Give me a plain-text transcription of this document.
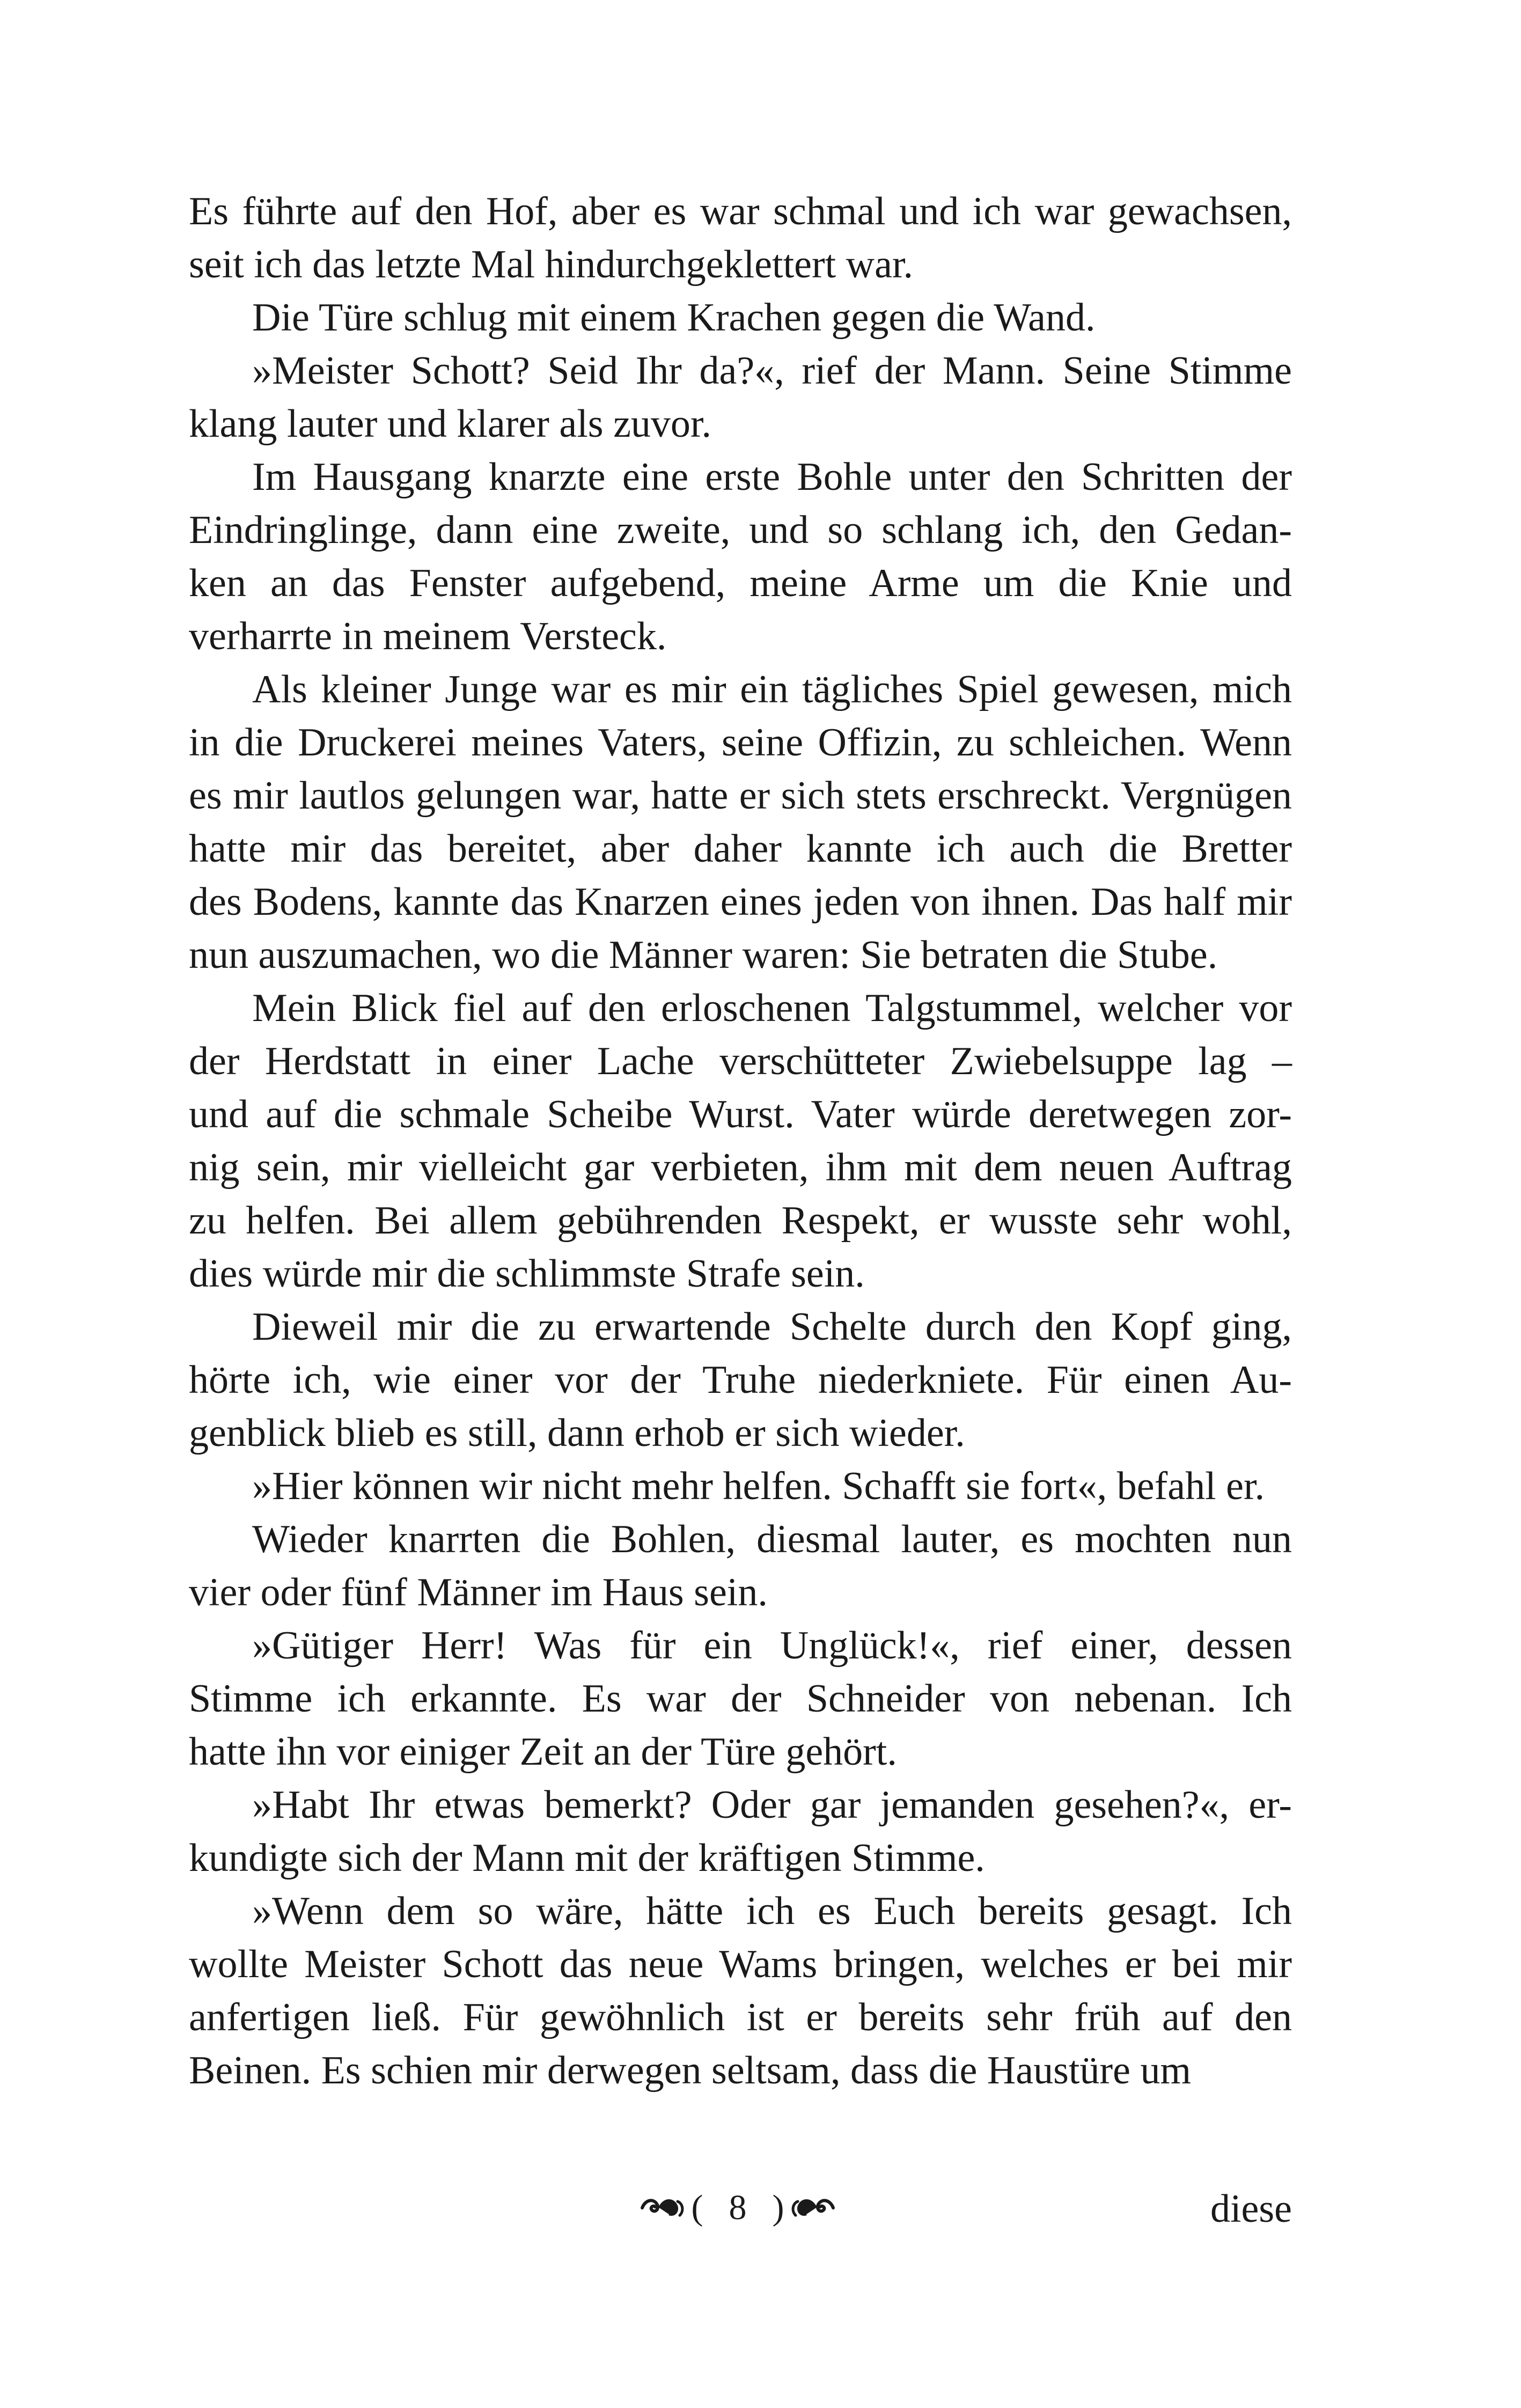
Es führte auf den Hof, aber es war schmal und ich war gewachsen,
seit ich das letzte Mal hindurchgeklettert war.

Die Türe schlug mit einem Krachen gegen die Wand.

»Meister Schott? Seid Ihr da?«, rief der Mann. Seine Stimme
klang lauter und klarer als zuvor.

Im Hausgang knarzte eine erste Bohle unter den Schritten der
Eindringlinge, dann eine zweite, und so schlang ich, den Gedan-
ken an das Fenster aufgebend, meine Arme um die Knie und
verharrte in meinem Versteck.

Als kleiner Junge war es mir ein tägliches Spiel gewesen, mich
in die Druckerei meines Vaters, seine Offizin, zu schleichen. Wenn
es mir lautlos gelungen war, hatte er sich stets erschreckt. Vergnügen
hatte mir das bereitet, aber daher kannte ich auch die Bretter
des Bodens, kannte das Knarzen eines jeden von ihnen. Das half mir
nun auszumachen, wo die Männer waren: Sie betraten die Stube.

Mein Blick fiel auf den erloschenen Talgstummel, welcher vor
der Herdstatt in einer Lache verschütteter Zwiebelsuppe lag –
und auf die schmale Scheibe Wurst. Vater würde deretwegen zor-
nig sein, mir vielleicht gar verbieten, ihm mit dem neuen Auftrag
zu helfen. Bei allem gebührenden Respekt, er wusste sehr wohl,
dies würde mir die schlimmste Strafe sein.

Dieweil mir die zu erwartende Schelte durch den Kopf ging,
hörte ich, wie einer vor der Truhe niederkniete. Für einen Au-
genblick blieb es still, dann erhob er sich wieder.

»Hier können wir nicht mehr helfen. Schafft sie fort«, befahl er.

Wieder knarrten die Bohlen, diesmal lauter, es mochten nun
vier oder fünf Männer im Haus sein.

»Gütiger Herr! Was für ein Unglück!«, rief einer, dessen
Stimme ich erkannte. Es war der Schneider von nebenan. Ich
hatte ihn vor einiger Zeit an der Türe gehört.

»Habt Ihr etwas bemerkt? Oder gar jemanden gesehen?«, er-
kundigte sich der Mann mit der kräftigen Stimme.

»Wenn dem so wäre, hätte ich es Euch bereits gesagt. Ich
wollte Meister Schott das neue Wams bringen, welches er bei mir
anfertigen ließ. Für gewöhnlich ist er bereits sehr früh auf den
Beinen. Es schien mir derwegen seltsam, dass die Haustüre um

( 8 )	diese
